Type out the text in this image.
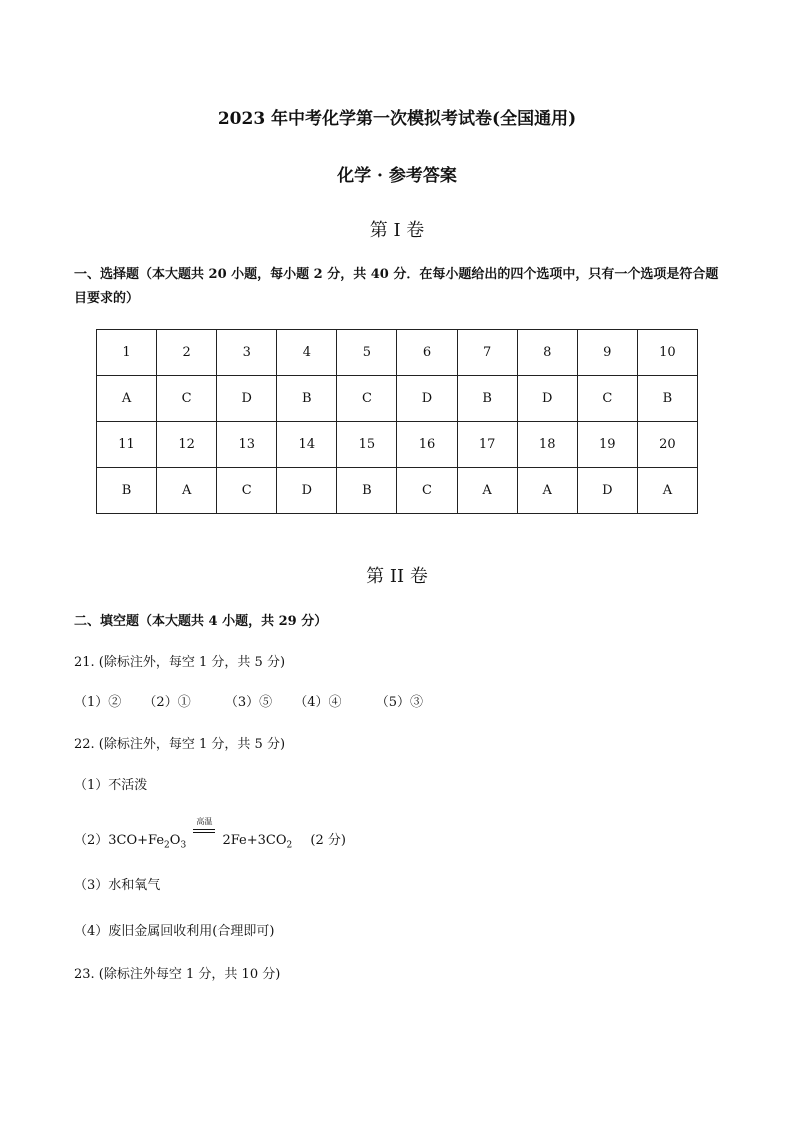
2023 年中考化学第一次模拟考试卷(全国通用)
化学 · 参考答案
第 I 卷
一、选择题（本大题共 20 小题，每小题 2 分，共 40 分．在每小题给出的四个选项中，只有一个选项是符合题目要求的）
1	2	3	4	5	6	7	8	9	10
A	C	D	B	C	D	B	D	C	B
11	12	13	14	15	16	17	18	19	20
B	A	C	D	B	C	A	A	D	A
第 II 卷
二、填空题（本大题共 4 小题，共 29 分）
21. (除标注外，每空 1 分，共 5 分)
（1）② （2）①	（3）⑤ （4）④	（5）③
22. (除标注外，每空 1 分，共 5 分)
（1）不活泼
$(2)3CO+Fe_2O_3$
高温
$2Fe+3CO_2$ (2 分)
（3）水和氧气
（4）废旧金属回收利用(合理即可)
23. (除标注外每空 1 分，共 10 分)
